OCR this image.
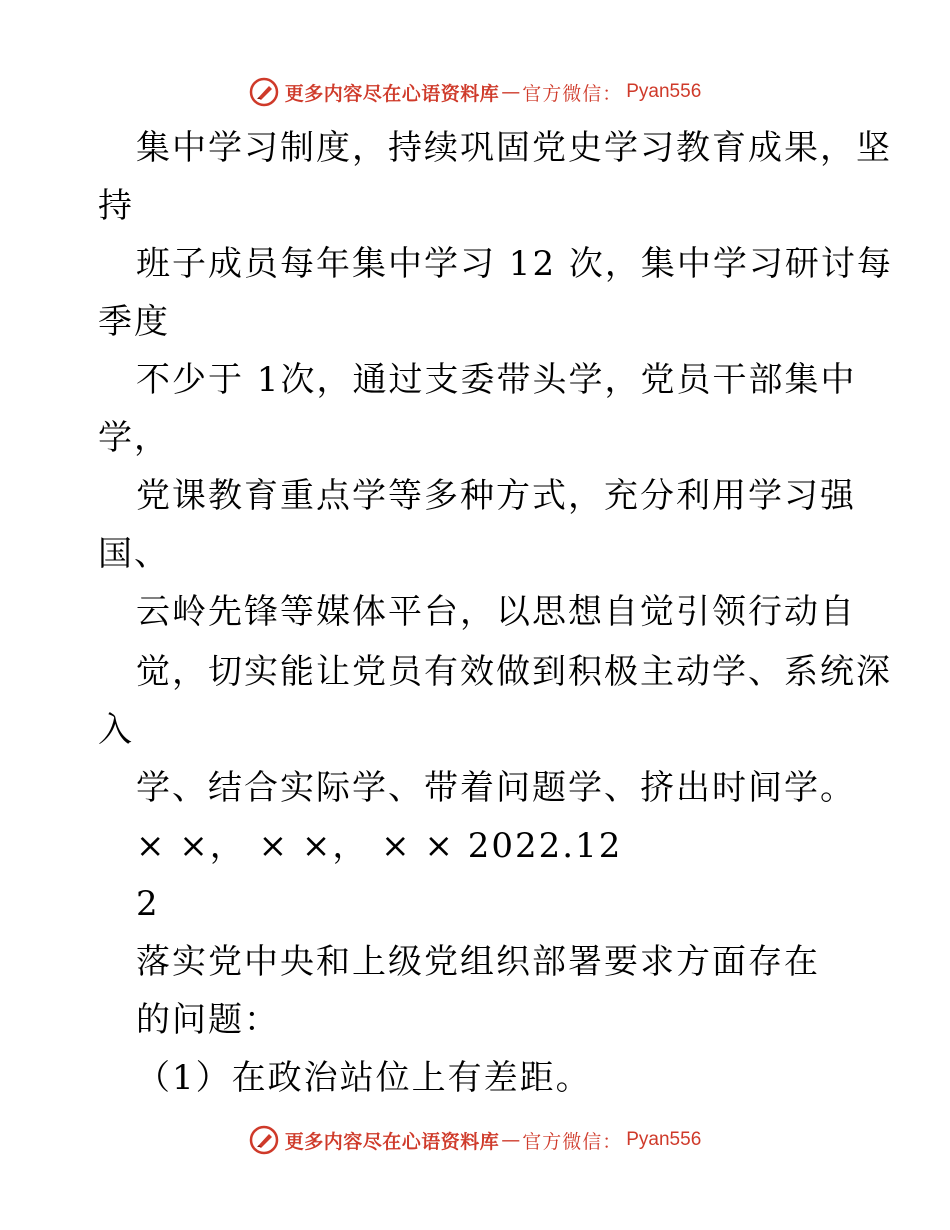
更多内容尽在心语资料库 — 官方微信： Pyan556
集中学习制度，持续巩固党史学习教育成果，坚
持
班子成员每年集中学习 12 次，集中学习研讨每
季度
不少于 1次，通过支委带头学，党员干部集中
学，
党课教育重点学等多种方式，充分利用学习强
国、
云岭先锋等媒体平台，以思想自觉引领行动自
觉，切实能让党员有效做到积极主动学、系统深
入
学、结合实际学、带着问题学、挤出时间学。
× ×， × ×， × × 2022.12
2
落实党中央和上级党组织部署要求方面存在
的问题：
（1）在政治站位上有差距。
更多内容尽在心语资料库 — 官方微信： Pyan556
